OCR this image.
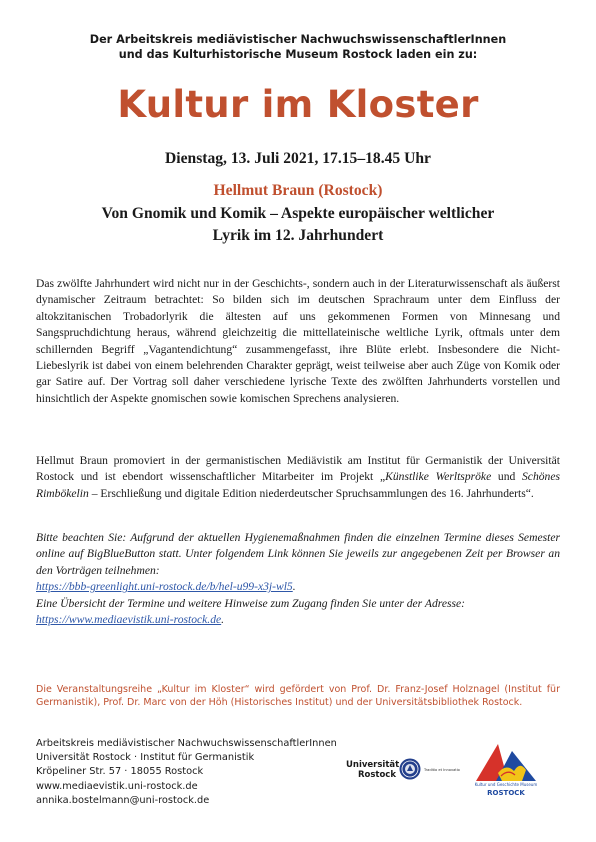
Der Arbeitskreis mediävistischer NachwuchswissenschaftlerInnen
und das Kulturhistorische Museum Rostock laden ein zu:
Kultur im Kloster
Dienstag, 13. Juli 2021, 17.15–18.45 Uhr
Hellmut Braun (Rostock)
Von Gnomik und Komik – Aspekte europäischer weltlicher
Lyrik im 12. Jahrhundert
Das zwölfte Jahrhundert wird nicht nur in der Geschichts-, sondern auch in der Literaturwissenschaft als äußerst dynamischer Zeitraum betrachtet: So bilden sich im deutschen Sprachraum unter dem Einfluss der altokzitanischen Trobadorlyrik die ältesten auf uns gekommenen Formen von Minnesang und Sangspruchdichtung heraus, während gleichzeitig die mittellateinische weltliche Lyrik, oftmals unter dem schillernden Begriff „Vagantendichtung“ zusammengefasst, ihre Blüte erlebt. Insbesondere die Nicht-Liebeslyrik ist dabei von einem belehrenden Charakter geprägt, weist teilweise aber auch Züge von Komik oder gar Satire auf. Der Vortrag soll daher verschiedene lyrische Texte des zwölften Jahrhunderts vorstellen und hinsichtlich der Aspekte gnomischen sowie komischen Sprechens analysieren.
Hellmut Braun promoviert in der germanistischen Mediävistik am Institut für Germanistik der Universität Rostock und ist ebendort wissenschaftlicher Mitarbeiter im Projekt „Künstlike Werltspröke und Schönes Rimbökelin – Erschließung und digitale Edition niederdeutscher Spruchsammlungen des 16. Jahrhunderts“.
Bitte beachten Sie: Aufgrund der aktuellen Hygienemaßnahmen finden die einzelnen Termine dieses Semester online auf BigBlueButton statt. Unter folgendem Link können Sie jeweils zur angegebenen Zeit per Browser an den Vorträgen teilnehmen:
https://bbb-greenlight.uni-rostock.de/b/hel-u99-x3j-wl5.
Eine Übersicht der Termine und weitere Hinweise zum Zugang finden Sie unter der Adresse:
https://www.mediaevistik.uni-rostock.de.
Die Veranstaltungsreihe „Kultur im Kloster“ wird gefördert von Prof. Dr. Franz-Josef Holznagel (Institut für Germanistik), Prof. Dr. Marc von der Höh (Historisches Institut) und der Universitätsbibliothek Rostock.
Arbeitskreis mediävistischer NachwuchswissenschaftlerInnen
Universität Rostock · Institut für Germanistik
Kröpeliner Str. 57 · 18055 Rostock
www.mediaevistik.uni-rostock.de
annika.bostelmann@uni-rostock.de
Universität
Rostock	Traditio et Innovatio
Kultur und Geschichte Museum
ROSTOCK
